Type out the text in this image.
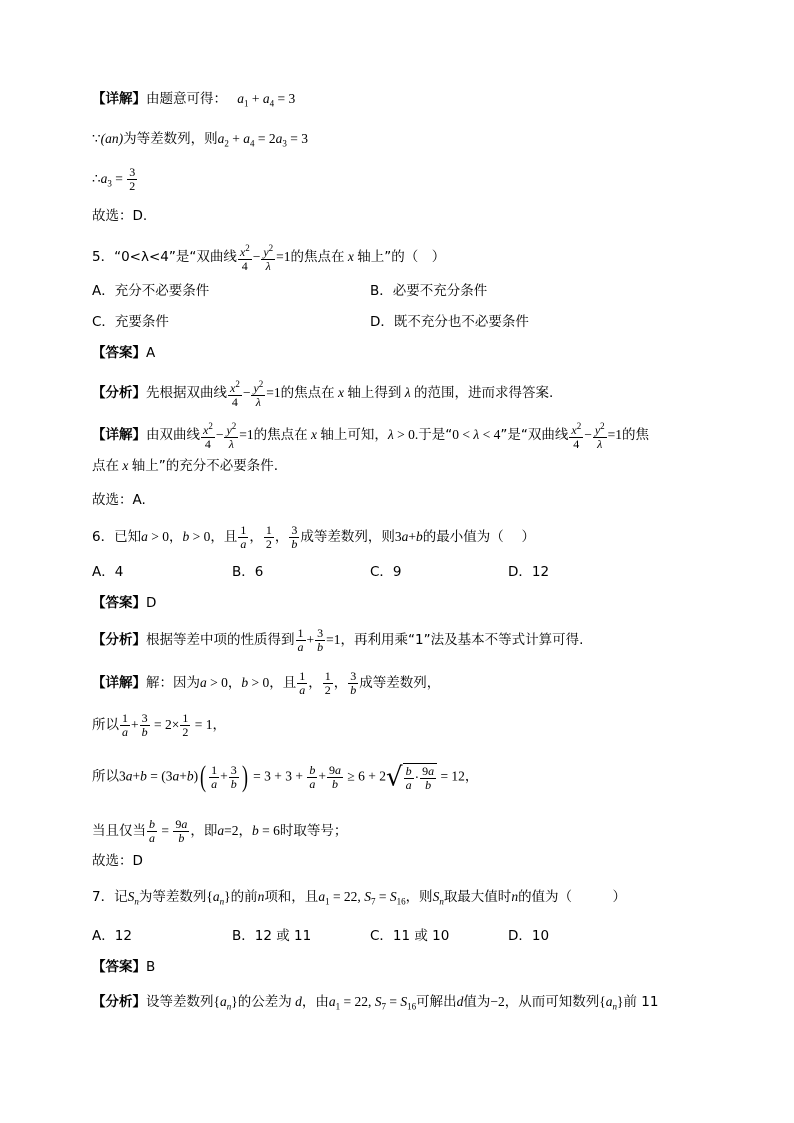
【详解】由题意可得： $a_1 + a_4 = 3$
∵(an)为等差数列，则$a_2 + a_4 = 2a_3 = 3$
$\therefore a_3 = \frac{3}{2}$
故选：D.
5．“0<λ<4”是“双曲线 $\frac{x^2}{4} - \frac{y^2}{\lambda} =1$的焦点在 x 轴上”的（　）
A．充分不必要条件	B．必要不充分条件
C．充要条件	D．既不充分也不必要条件
【答案】A
【分析】先根据双曲线 $\frac{x^2}{4} - \frac{y^2}{\lambda} =1$的焦点在 x 轴上得到 λ 的范围，进而求得答案.
【详解】由双曲线 $\frac{x^2}{4} - \frac{y^2}{\lambda} =1$的焦点在 x 轴上可知，λ > 0.于是“0 < λ < 4”是“双曲线 $\frac{x^2}{4} - \frac{y^2}{\lambda} =1$的焦
点在 x 轴上”的充分不必要条件.
故选：A.
6．已知a > 0，b > 0，且 $\frac{1}{a}$ ， $\frac{1}{2}$ ， $\frac{3}{b}$ 成等差数列，则3a+b的最小值为（　 ）
A．4	B．6	C．9	D．12
【答案】D
【分析】根据等差中项的性质得到 $\frac{1}{a} + \frac{3}{b} =1$，再利用乘“1”法及基本不等式计算可得.
【详解】解：因为a > 0，b > 0，且 $\frac{1}{a}$ ， $\frac{1}{2}$ ， $\frac{3}{b}$ 成等差数列，
所以 $\frac{1}{a} + \frac{3}{b} = 2\times \frac{1}{2} = 1$，
所以$3a+b = (3a+b)( \frac{1}{a} + \frac{3}{b}$ ) = $3 + 3 + \frac{b}{a} + \frac{9a}{b} \ge 6 + 2√ \frac{b}{a} \cdot \frac{9a}{b} = 12$，
当且仅当 $\frac{b}{a} = \frac{9a}{b}$ ，即a=2，b = 6时取等号；
故选：D
7．记$S_n$为等差数列$\{a_n\}$的前n项和，且$a_1 = 22$, $S_7 = S_{16}$，则$S_n$取最大值时n的值为（　　　）
A．12	B．12 或 11	C．11 或 10	D．10
【答案】B
【分析】设等差数列$\{a_n\}$的公差为 d，由$a_1 = 22$, $S_7 = S_{16}$可解出d值为−2，从而可知数列$\{a_n\}$前 11
